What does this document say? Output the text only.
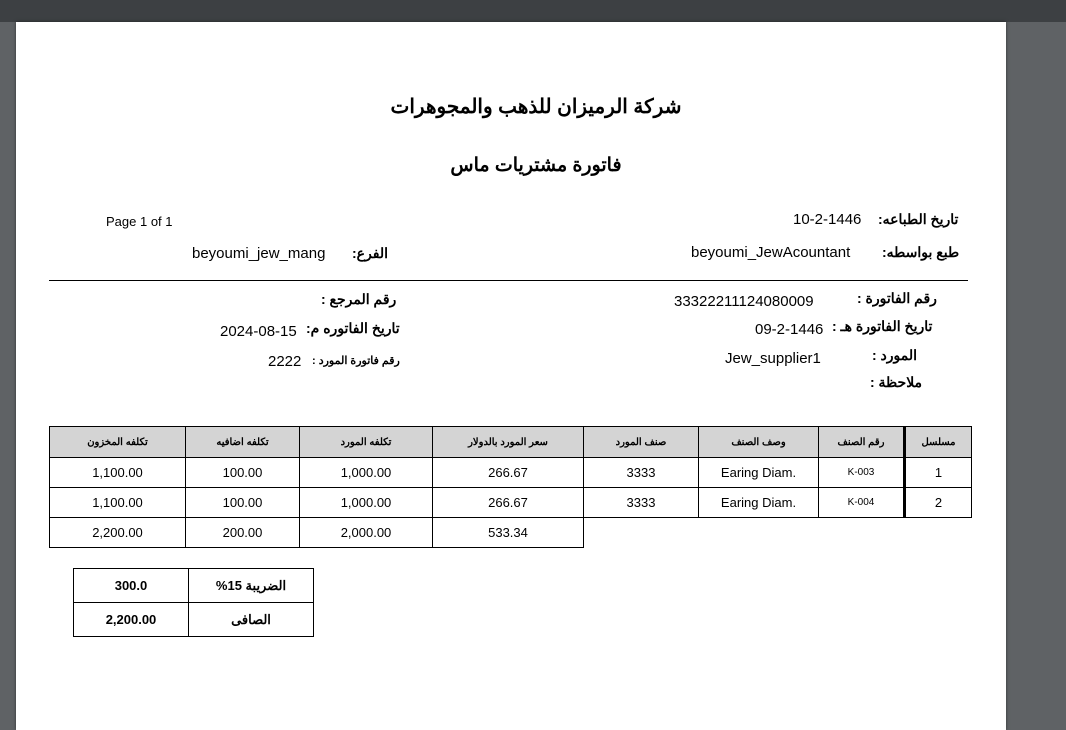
شركة الرميزان للذهب والمجوهرات
فاتورة مشتريات ماس
Page 1 of 1	تاريخ الطباعه:
10-2-1446
طبع بواسطه:
beyoumi_JewAcountant
الفرع:
beyoumi_jew_mang
رقم الفاتورة :
33322211124080009
تاريخ الفاتورة هـ :
09-2-1446
المورد :
Jew_supplier1
ملاحظة :
رقم المرجع :
تاريخ الفاتوره م:
2024-08-15
رقم فاتورة المورد :
2222
تكلفه المخزون	تكلفه اضافيه	تكلفه المورد	سعر المورد بالدولار	صنف المورد	وصف الصنف	رقم الصنف	مسلسل
1,100.00	100.00	1,000.00	266.67	3333	Earing Diam.	K-003	1
1,100.00	100.00	1,000.00	266.67	3333	Earing Diam.	K-004	2
2,200.00	200.00	2,000.00	533.34				
300.0	الضريبة 15%
2,200.00	الصافى
